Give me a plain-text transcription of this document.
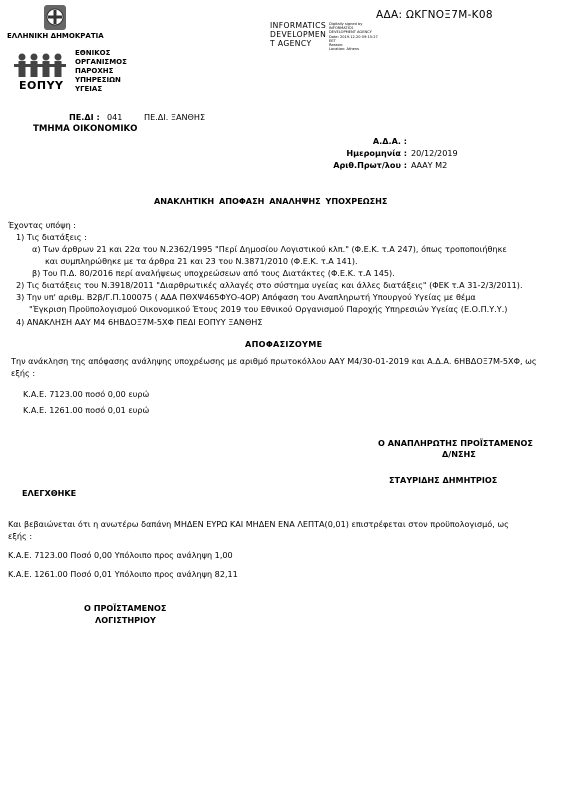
ΑΔΑ: ΩΚΓΝΟΞ7Μ-Κ08
ΕΛΛΗΝΙΚΗ ΔΗΜΟΚΡΑΤΙΑ
ΕΟΠΥΥ
ΕΘΝΙΚΟΣ
ΟΡΓΑΝΙΣΜΟΣ
ΠΑΡΟΧΗΣ
ΥΠΗΡΕΣΙΩΝ
ΥΓΕΙΑΣ
INFORMATICS
DEVELOPMEN
T AGENCY
Digitally signed by
INFORMATICS
DEVELOPMENT AGENCY
Date: 2019.12.20 09:15:27
EET
Reason:
Location: Athens
ΠΕ.ΔΙ : 041	ΠΕ.ΔΙ. ΞΑΝΘΗΣ
ΤΜΗΜΑ ΟΙΚΟΝΟΜΙΚΟ
Α.Δ.Α. :
Ημερομηνία : 20/12/2019
Αριθ.Πρωτ/λου : ΑΑΑΥ Μ2
ΑΝΑΚΛΗΤΙΚΗ ΑΠΟΦΑΣΗ ΑΝΑΛΗΨΗΣ ΥΠΟΧΡΕΩΣΗΣ
Έχοντας υπόψη :
1) Τις διατάξεις :
α) Των άρθρων 21 και 22α του Ν.2362/1995 "Περί Δημοσίου Λογιστικού κλπ." (Φ.Ε.Κ. τ.Α 247), όπως τροποποιήθηκε
και συμπληρώθηκε με τα άρθρα 21 και 23 του Ν.3871/2010 (Φ.Ε.Κ. τ.Α 141).
β) Του Π.Δ. 80/2016 περί αναλήψεως υποχρεώσεων από τους Διατάκτες (Φ.Ε.Κ. τ.Α 145).
2) Τις διατάξεις του Ν.3918/2011 "Διαρθρωτικές αλλαγές στο σύστημα υγείας και άλλες διατάξεις" (ΦΕΚ τ.Α 31-2/3/2011).
3) Την υπ' αριθμ. Β2β/Γ.Π.100075 ( ΑΔΑ ΠΘΧΨ465ΦΥΟ-4ΟΡ) Απόφαση του Αναπληρωτή Υπουργού Υγείας με θέμα
"Έγκριση Προϋπολογισμού Οικονομικού Έτους 2019 του Εθνικού Οργανισμού Παροχής Υπηρεσιών Υγείας (Ε.Ο.Π.Υ.Υ.)
4) ΑΝΑΚΛΗΣΗ ΑΑΥ Μ4 6ΗΒΔΟΞ7Μ-5ΧΦ ΠΕΔΙ ΕΟΠΥΥ ΞΑΝΘΗΣ
ΑΠΟΦΑΣΙΖΟΥΜΕ
Την ανάκληση της απόφασης ανάληψης υποχρέωσης με αριθμό πρωτοκόλλου ΑΑΥ Μ4/30-01-2019 και Α.Δ.Α. 6ΗΒΔΟΞ7Μ-5ΧΦ, ως
εξής :
Κ.Α.Ε. 7123.00 ποσό 0,00 ευρώ
Κ.Α.Ε. 1261.00 ποσό 0,01 ευρώ
Ο ΑΝΑΠΛΗΡΩΤΗΣ ΠΡΟΪΣΤΑΜΕΝΟΣ
Δ/ΝΣΗΣ
ΣΤΑΥΡΙΔΗΣ ΔΗΜΗΤΡΙΟΣ
ΕΛΕΓΧΘΗΚΕ
Και βεβαιώνεται ότι η ανωτέρω δαπάνη ΜΗΔΕΝ ΕΥΡΩ ΚΑΙ ΜΗΔΕΝ ΕΝΑ ΛΕΠΤΑ(0,01) επιστρέφεται στον προϋπολογισμό, ως
εξής :
Κ.Α.Ε. 7123.00 Ποσό 0,00 Υπόλοιπο προς ανάληψη 1,00
Κ.Α.Ε. 1261.00 Ποσό 0,01 Υπόλοιπο προς ανάληψη 82,11
Ο ΠΡΟΪΣΤΑΜΕΝΟΣ
ΛΟΓΙΣΤΗΡΙΟΥ
